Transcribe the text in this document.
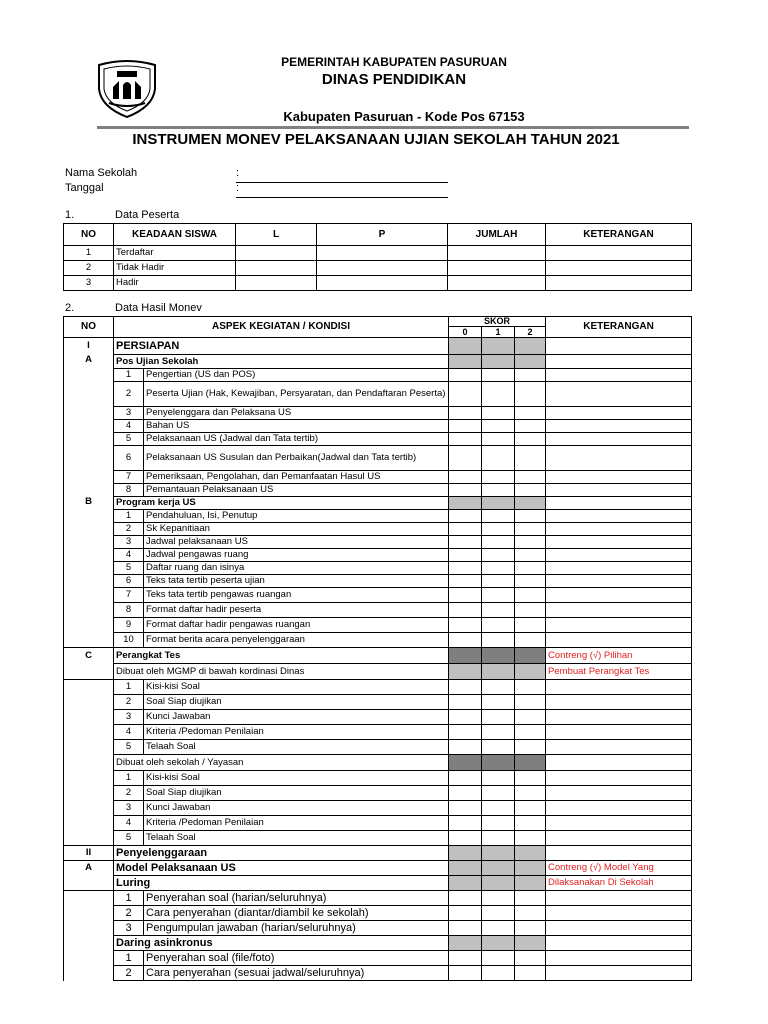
PEMERINTAH KABUPATEN PASURUAN
DINAS PENDIDIKAN
Kabupaten Pasuruan - Kode Pos 67153
INSTRUMEN MONEV PELAKSANAAN UJIAN SEKOLAH TAHUN 2021
Nama Sekolah	:
Tanggal	:
1.	Data Peserta
NO	KEADAAN SISWA	L	P	JUMLAH	KETERANGAN
1	Terdaftar				
2	Tidak Hadir				
3	Hadir				
2.	Data Hasil Monev
NO	ASPEK KEGIATAN / KONDISI		SKOR			KETERANGAN
			0	1	2	
I	PERSIAPAN					
A	Pos Ujian Sekolah					
	1	Pengertian (US dan POS)				
	2	Peserta Ujian (Hak, Kewajiban, Persyaratan, dan Pendaftaran Peserta)				
	3	Penyelenggara dan Pelaksana US				
	4	Bahan US				
	5	Pelaksanaan US (Jadwal dan Tata tertib)				
	6	Pelaksanaan US Susulan dan Perbaikan(Jadwal dan Tata tertib)				
	7	Pemeriksaan, Pengolahan, dan Pemanfaatan Hasul US				
	8	Pemantauan Pelaksanaan US				
B	Program kerja US					
	1	Pendahuluan, Isi, Penutup				
	2	Sk Kepanitiaan				
	3	Jadwal pelaksanaan US				
	4	Jadwal pengawas ruang				
	5	Daftar ruang dan isinya				
	6	Teks tata tertib peserta ujian				
	7	Teks tata tertib pengawas ruangan				
	8	Format daftar hadir peserta				
	9	Format daftar hadir pengawas ruangan				
	10	Format berita acara penyelenggaraan				
C	Perangkat Tes					Contreng (√) Pilihan
	Dibuat oleh MGMP di bawah kordinasi Dinas					Pembuat Perangkat Tes
	1	Kisi-kisi Soal				
	2	Soal Siap diujikan				
	3	Kunci Jawaban				
	4	Kriteria /Pedoman Penilaian				
	5	Telaah Soal				
	Dibuat oleh sekolah / Yayasan					
	1	Kisi-kisi Soal				
	2	Soal Siap diujikan				
	3	Kunci Jawaban				
	4	Kriteria /Pedoman Penilaian				
	5	Telaah Soal				
II	Penyelenggaraan					
A	Model Pelaksanaan US					Contreng (√) Model Yang
	Luring					Dilaksanakan Di Sekolah
	1	Penyerahan soal (harian/seluruhnya)				
	2	Cara penyerahan (diantar/diambil ke sekolah)				
	3	Pengumpulan jawaban (harian/seluruhnya)				
	Daring asinkronus					
	1	Penyerahan soal (file/foto)				
	2	Cara penyerahan (sesuai jadwal/seluruhnya)				
